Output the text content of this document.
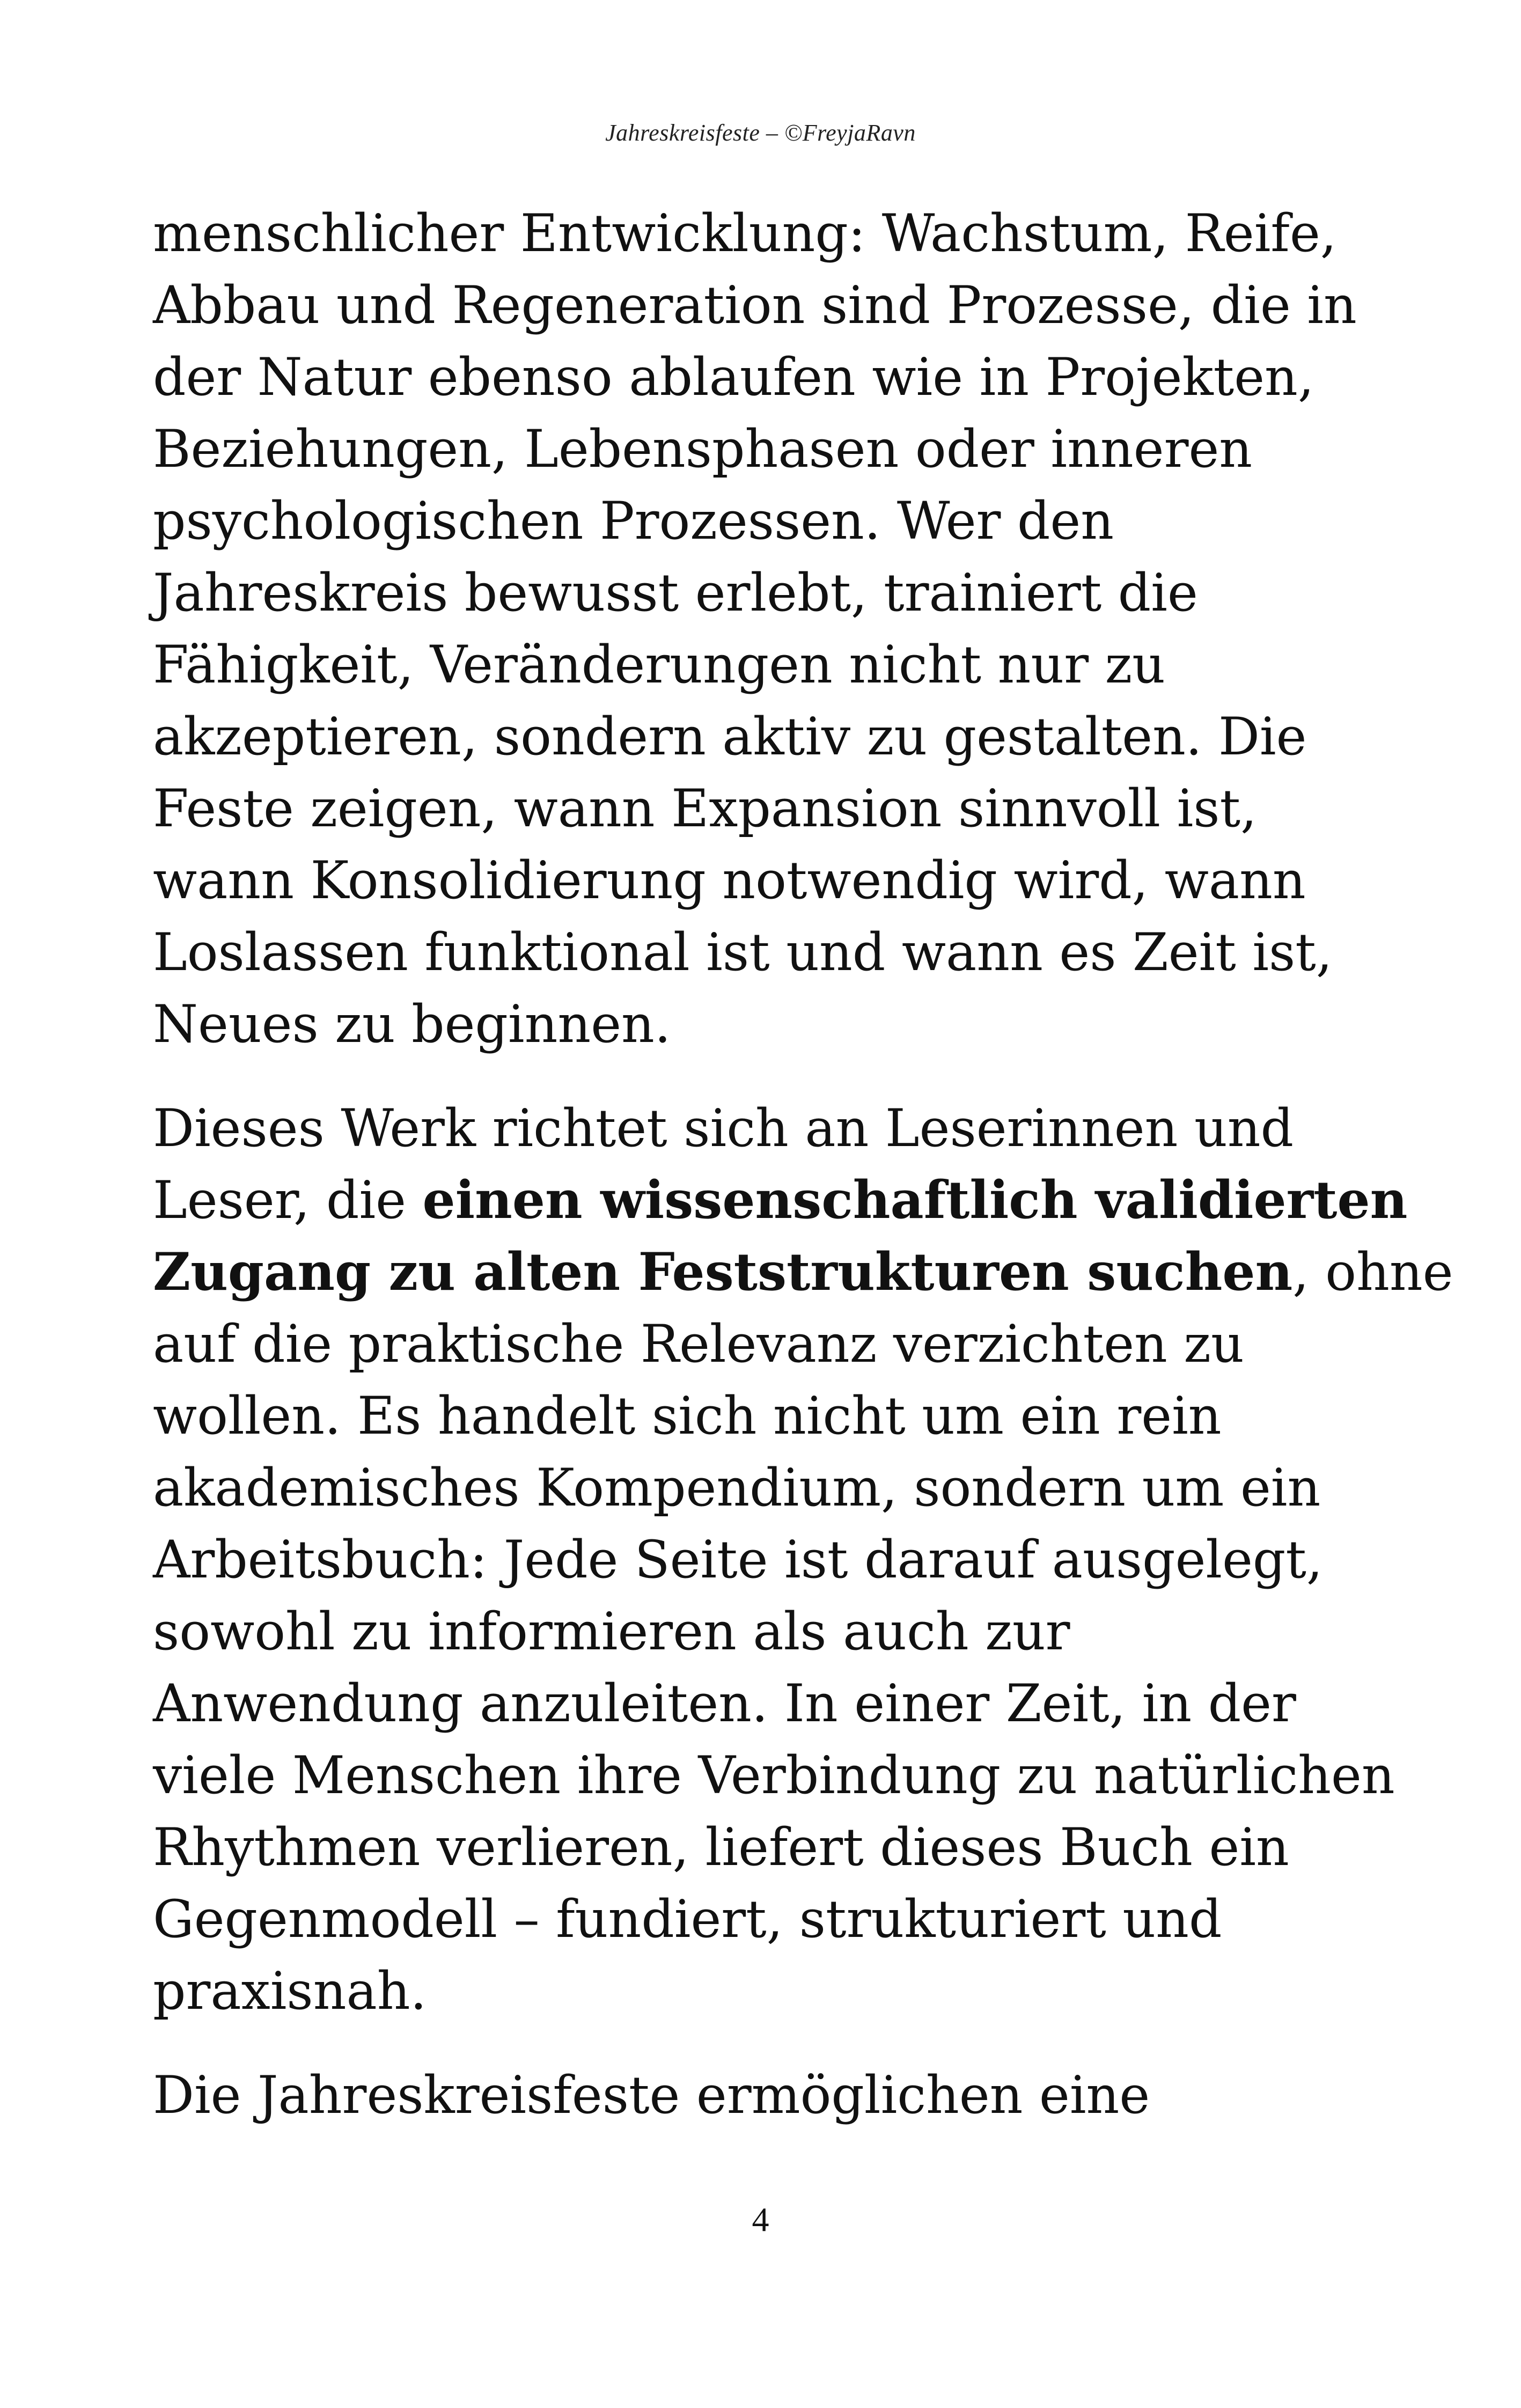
Jahreskreisfeste – ©FreyjaRavn
menschlicher Entwicklung: Wachstum, Reife,
Abbau und Regeneration sind Prozesse, die in
der Natur ebenso ablaufen wie in Projekten,
Beziehungen, Lebensphasen oder inneren
psychologischen Prozessen. Wer den
Jahreskreis bewusst erlebt, trainiert die
Fähigkeit, Veränderungen nicht nur zu
akzeptieren, sondern aktiv zu gestalten. Die
Feste zeigen, wann Expansion sinnvoll ist,
wann Konsolidierung notwendig wird, wann
Loslassen funktional ist und wann es Zeit ist,
Neues zu beginnen.
Dieses Werk richtet sich an Leserinnen und
Leser, die einen wissenschaftlich validierten
Zugang zu alten Feststrukturen suchen, ohne
auf die praktische Relevanz verzichten zu
wollen. Es handelt sich nicht um ein rein
akademisches Kompendium, sondern um ein
Arbeitsbuch: Jede Seite ist darauf ausgelegt,
sowohl zu informieren als auch zur
Anwendung anzuleiten. In einer Zeit, in der
viele Menschen ihre Verbindung zu natürlichen
Rhythmen verlieren, liefert dieses Buch ein
Gegenmodell – fundiert, strukturiert und
praxisnah.
Die Jahreskreisfeste ermöglichen eine
4
